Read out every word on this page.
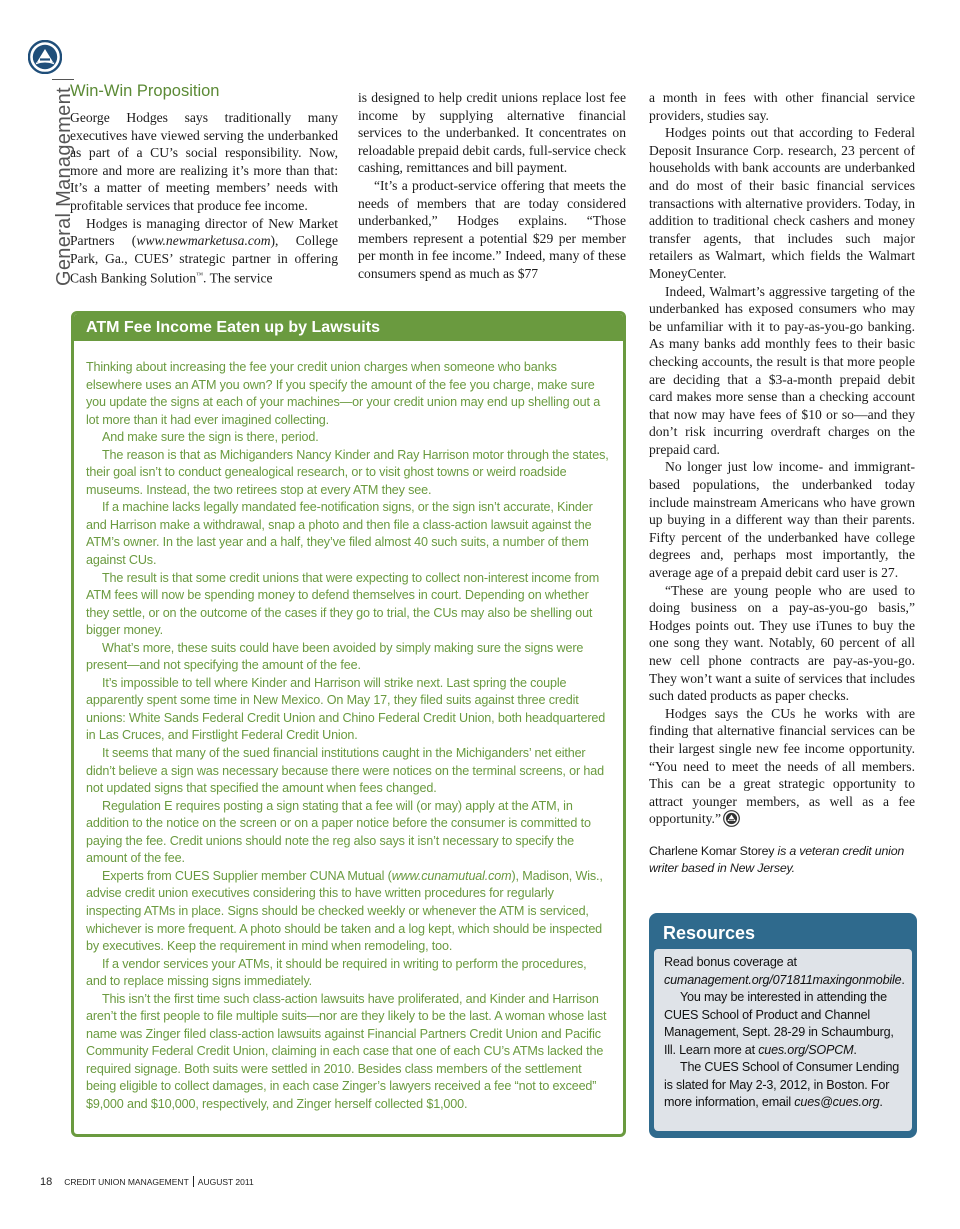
General Management
Win-Win Proposition

George Hodges says traditionally many executives have viewed serving the underbanked as part of a CU’s social responsibility. Now, more and more are realizing it’s more than that: It’s a matter of meeting members’ needs with profitable services that produce fee income.

Hodges is managing director of New Market Partners (www.newmarketusa.com), College Park, Ga., CUES’ strategic partner in offering Cash Banking Solution™. The service

is designed to help credit unions replace lost fee income by supplying alternative financial services to the underbanked. It concentrates on reloadable prepaid debit cards, full-service check cashing, remittances and bill payment.

“It’s a product-service offering that meets the needs of members that are today considered underbanked,” Hodges explains. “Those members represent a potential $29 per member per month in fee income.” Indeed, many of these consumers spend as much as $77

a month in fees with other financial service providers, studies say.

Hodges points out that according to Federal Deposit Insurance Corp. research, 23 percent of households with bank accounts are underbanked and do most of their basic financial services transactions with alternative providers. Today, in addition to traditional check cashers and money transfer agents, that includes such major retailers as Walmart, which fields the Walmart MoneyCenter.

Indeed, Walmart’s aggressive targeting of the underbanked has exposed consumers who may be unfamiliar with it to pay-as-you-go banking. As many banks add monthly fees to their basic checking accounts, the result is that more people are deciding that a $3-a-month prepaid debit card makes more sense than a checking account that now may have fees of $10 or so—and they don’t risk incurring overdraft charges on the prepaid card.

No longer just low income- and immigrant-based populations, the underbanked today include mainstream Americans who have grown up buying in a different way than their parents. Fifty percent of the underbanked have college degrees and, perhaps most importantly, the average age of a prepaid debit card user is 27.

“These are young people who are used to doing business on a pay-as-you-go basis,” Hodges points out. They use iTunes to buy the one song they want. Notably, 60 percent of all new cell phone contracts are pay-as-you-go. They won’t want a suite of services that includes such dated products as paper checks.

Hodges says the CUs he works with are finding that alternative financial services can be their largest single new fee income opportunity. “You need to meet the needs of all members. This can be a great strategic opportunity to attract younger members, as well as a fee opportunity.”

Charlene Komar Storey is a veteran credit union writer based in New Jersey.

ATM Fee Income Eaten up by Lawsuits

Thinking about increasing the fee your credit union charges when someone who banks elsewhere uses an ATM you own? If you specify the amount of the fee you charge, make sure you update the signs at each of your machines—or your credit union may end up shelling out a lot more than it had ever imagined collecting.

And make sure the sign is there, period.

The reason is that as Michiganders Nancy Kinder and Ray Harrison motor through the states, their goal isn’t to conduct genealogical research, or to visit ghost towns or weird roadside museums. Instead, the two retirees stop at every ATM they see.

If a machine lacks legally mandated fee-notification signs, or the sign isn’t accurate, Kinder and Harrison make a withdrawal, snap a photo and then file a class-action lawsuit against the ATM’s owner. In the last year and a half, they’ve filed almost 40 such suits, a number of them against CUs.

The result is that some credit unions that were expecting to collect non-interest income from ATM fees will now be spending money to defend themselves in court. Depending on whether they settle, or on the outcome of the cases if they go to trial, the CUs may also be shelling out bigger money.

What’s more, these suits could have been avoided by simply making sure the signs were present—and not specifying the amount of the fee.

It’s impossible to tell where Kinder and Harrison will strike next. Last spring the couple apparently spent some time in New Mexico. On May 17, they filed suits against three credit unions: White Sands Federal Credit Union and Chino Federal Credit Union, both headquartered in Las Cruces, and Firstlight Federal Credit Union.

It seems that many of the sued financial institutions caught in the Michiganders’ net either didn’t believe a sign was necessary because there were notices on the terminal screens, or had not updated signs that specified the amount when fees changed.

Regulation E requires posting a sign stating that a fee will (or may) apply at the ATM, in addition to the notice on the screen or on a paper notice before the consumer is committed to paying the fee. Credit unions should note the reg also says it isn’t necessary to specify the amount of the fee.

Experts from CUES Supplier member CUNA Mutual (www.cunamutual.com), Madison, Wis., advise credit union executives considering this to have written procedures for regularly inspecting ATMs in place. Signs should be checked weekly or whenever the ATM is serviced, whichever is more frequent. A photo should be taken and a log kept, which should be inspected by executives. Keep the requirement in mind when remodeling, too.

If a vendor services your ATMs, it should be required in writing to perform the procedures, and to replace missing signs immediately.

This isn’t the first time such class-action lawsuits have proliferated, and Kinder and Harrison aren’t the first people to file multiple suits—nor are they likely to be the last. A woman whose last name was Zinger filed class-action lawsuits against Financial Partners Credit Union and Pacific Community Federal Credit Union, claiming in each case that one of each CU’s ATMs lacked the required signage. Both suits were settled in 2010. Besides class members of the settlement being eligible to collect damages, in each case Zinger’s lawyers received a fee “not to exceed” $9,000 and $10,000, respectively, and Zinger herself collected $1,000.

Resources

Read bonus coverage at cumanagement.org/071811maxingonmobile.

You may be interested in attending the CUES School of Product and Channel Management, Sept. 28-29 in Schaumburg, Ill. Learn more at cues.org/SOPCM.

The CUES School of Consumer Lending is slated for May 2-3, 2012, in Boston. For more information, email cues@cues.org.

18 CREDIT UNION MANAGEMENT AUGUST 2011
